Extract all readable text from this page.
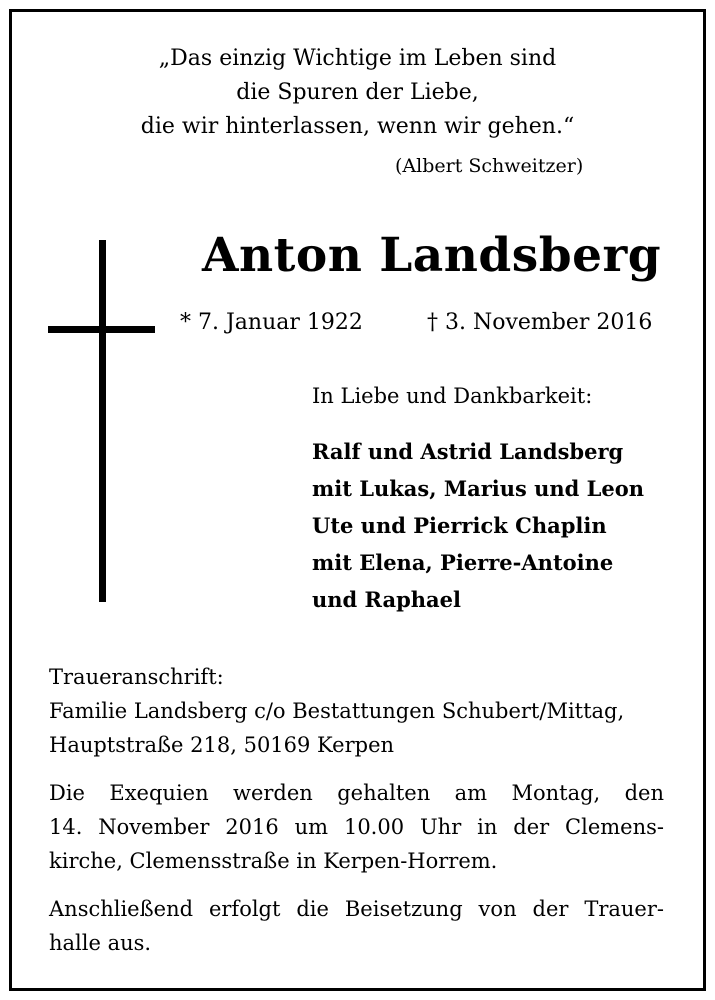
„Das einzig Wichtige im Leben sind
die Spuren der Liebe,
die wir hinterlassen, wenn wir gehen.“
(Albert Schweitzer)
Anton Landsberg
* 7. Januar 1922	† 3. November 2016
In Liebe und Dankbarkeit:
Ralf und Astrid Landsberg
mit Lukas, Marius und Leon
Ute und Pierrick Chaplin
mit Elena, Pierre-Antoine
und Raphael
Traueranschrift:
Familie Landsberg c/o Bestattungen Schubert/Mittag,
Hauptstraße 218, 50169 Kerpen
Die Exequien werden gehalten am Montag, den
14. November 2016 um 10.00 Uhr in der Clemens-
kirche, Clemensstraße in Kerpen-Horrem.
Anschließend erfolgt die Beisetzung von der Trauer-
halle aus.
